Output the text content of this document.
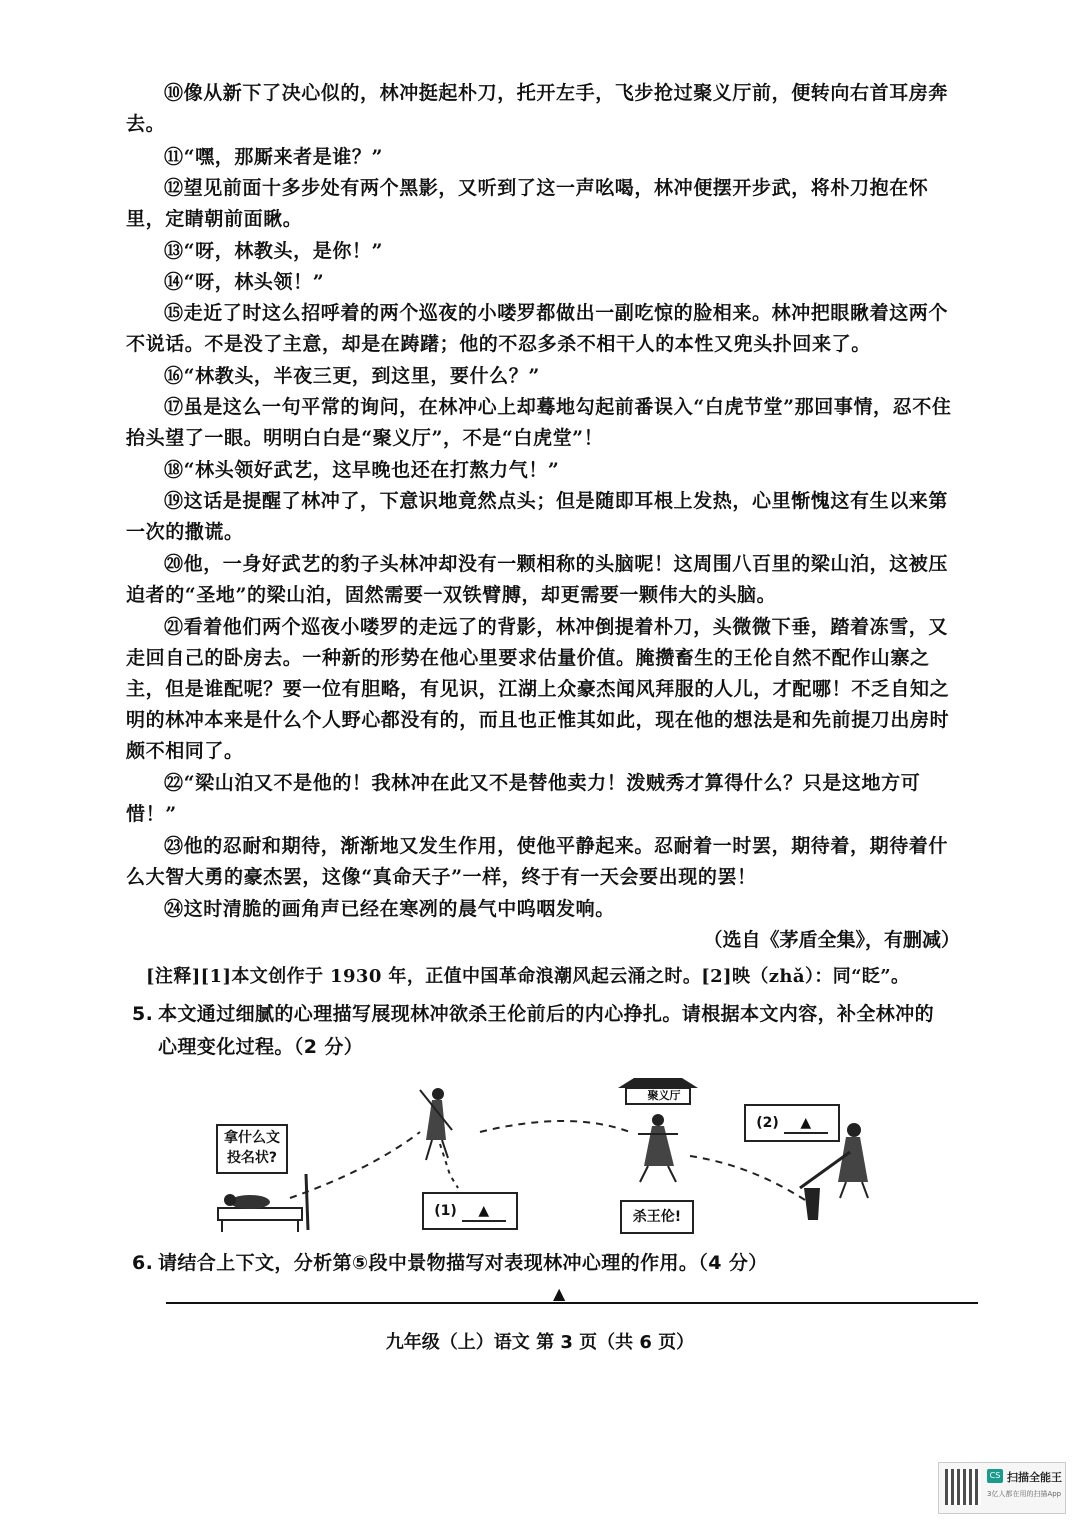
⑩像从新下了决心似的，林冲挺起朴刀，托开左手，飞步抢过聚义厅前，便转向右首耳房奔去。

⑪“嘿，那厮来者是谁？”

⑫望见前面十多步处有两个黑影，又听到了这一声吆喝，林冲便摆开步武，将朴刀抱在怀里，定睛朝前面瞅。

⑬“呀，林教头，是你！”

⑭“呀，林头领！”

⑮走近了时这么招呼着的两个巡夜的小喽罗都做出一副吃惊的脸相来。林冲把眼瞅着这两个不说话。不是没了主意，却是在踌躇；他的不忍多杀不相干人的本性又兜头扑回来了。

⑯“林教头，半夜三更，到这里，要什么？”

⑰虽是这么一句平常的询问，在林冲心上却蓦地勾起前番误入“白虎节堂”那回事情，忍不住抬头望了一眼。明明白白是“聚义厅”，不是“白虎堂”！

⑱“林头领好武艺，这早晚也还在打熬力气！”

⑲这话是提醒了林冲了，下意识地竟然点头；但是随即耳根上发热，心里惭愧这有生以来第一次的撒谎。

⑳他，一身好武艺的豹子头林冲却没有一颗相称的头脑呢！这周围八百里的梁山泊，这被压迫者的“圣地”的梁山泊，固然需要一双铁臂膊，却更需要一颗伟大的头脑。

㉑看着他们两个巡夜小喽罗的走远了的背影，林冲倒提着朴刀，头微微下垂，踏着冻雪，又走回自己的卧房去。一种新的形势在他心里要求估量价值。腌攒畜生的王伦自然不配作山寨之主，但是谁配呢？要一位有胆略，有见识，江湖上众豪杰闻风拜服的人儿，才配哪！不乏自知之明的林冲本来是什么个人野心都没有的，而且也正惟其如此，现在他的想法是和先前提刀出房时颇不相同了。

㉒“梁山泊又不是他的！我林冲在此又不是替他卖力！泼贼秀才算得什么？只是这地方可惜！”

㉓他的忍耐和期待，渐渐地又发生作用，使他平静起来。忍耐着一时罢，期待着，期待着什么大智大勇的豪杰罢，这像“真命天子”一样，终于有一天会要出现的罢！

㉔这时清脆的画角声已经在寒冽的晨气中呜咽发响。

（选自《茅盾全集》，有删减）
[注释][1]本文创作于 1930 年，正值中国革命浪潮风起云涌之时。[2]映（zhǎ）：同“眨”。
5. 本文通过细腻的心理描写展现林冲欲杀王伦前后的内心挣扎。请根据本文内容，补全林冲的
心理变化过程。（2 分）
拿什么文
投名状?
(1) ▲
聚义厅
杀王伦!
(2) ▲
6. 请结合上下文，分析第⑤段中景物描写对表现林冲心理的作用。（4 分）
▲
九年级（上）语文 第 3 页（共 6 页）
CS 扫描全能王
3亿人都在用的扫描App
